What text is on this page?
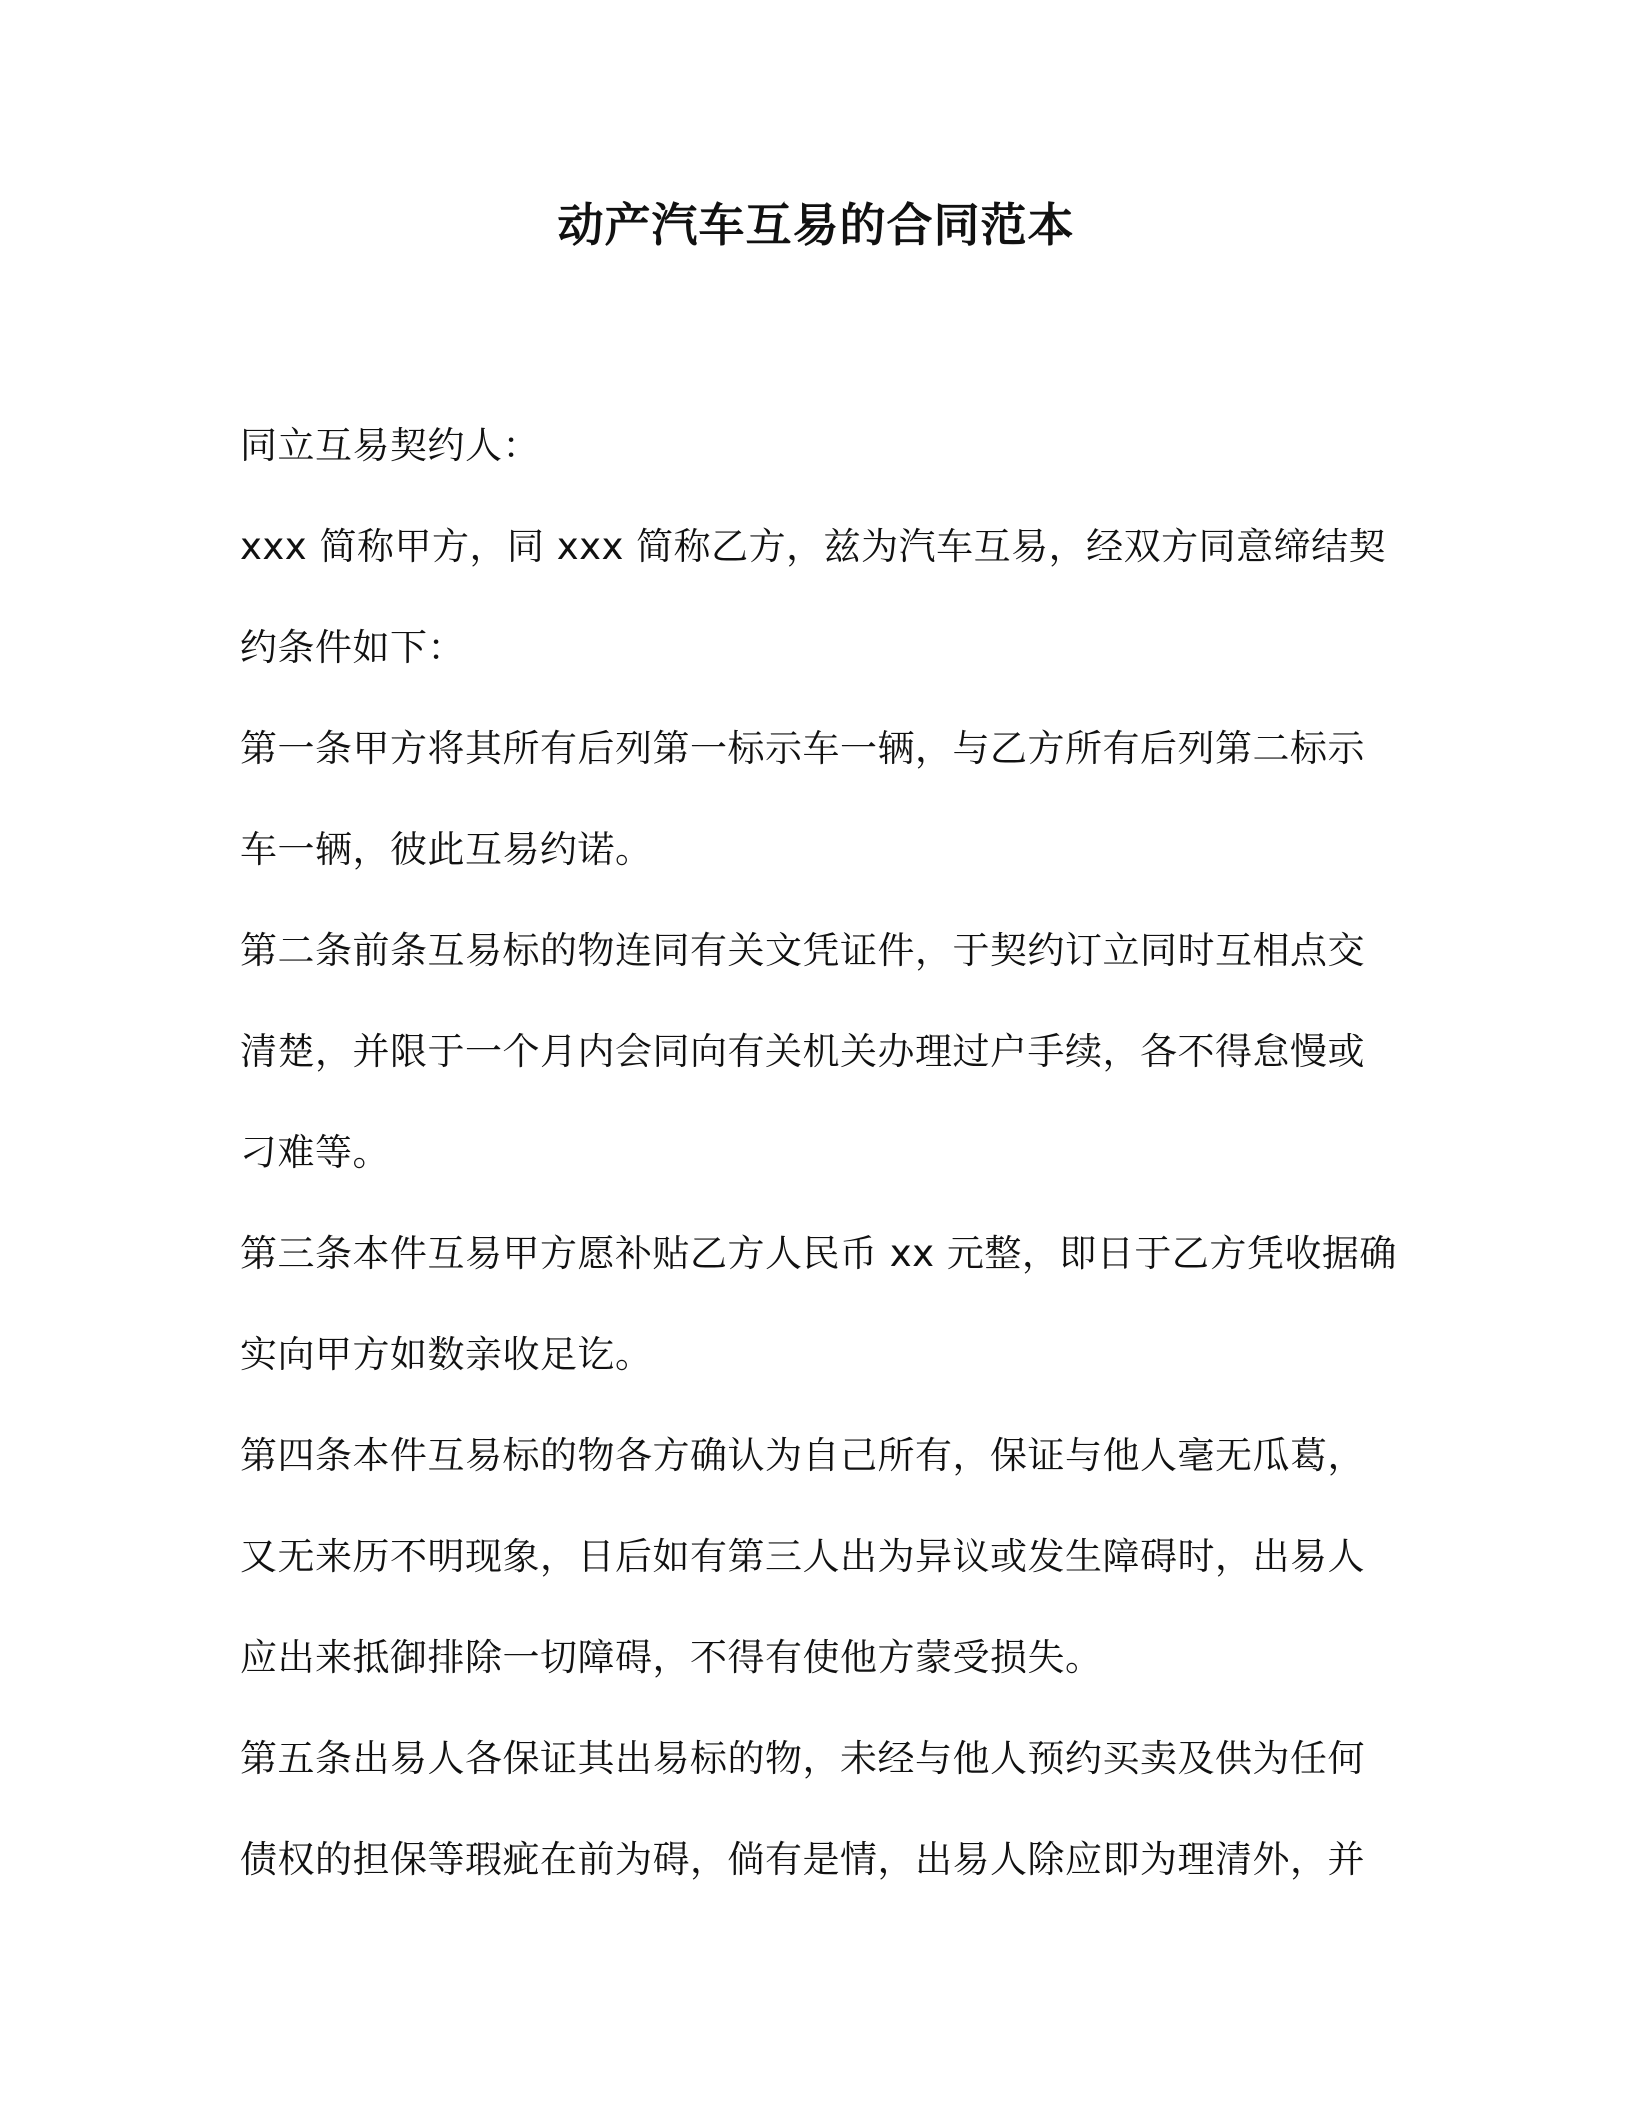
动产汽车互易的合同范本
同立互易契约人：
xxx 简称甲方，同 xxx 简称乙方，兹为汽车互易，经双方同意缔结契
约条件如下：
第一条甲方将其所有后列第一标示车一辆，与乙方所有后列第二标示
车一辆，彼此互易约诺。
第二条前条互易标的物连同有关文凭证件，于契约订立同时互相点交
清楚，并限于一个月内会同向有关机关办理过户手续，各不得怠慢或
刁难等。
第三条本件互易甲方愿补贴乙方人民币 xx 元整，即日于乙方凭收据确
实向甲方如数亲收足讫。
第四条本件互易标的物各方确认为自己所有，保证与他人毫无瓜葛，
又无来历不明现象，日后如有第三人出为异议或发生障碍时，出易人
应出来抵御排除一切障碍，不得有使他方蒙受损失。
第五条出易人各保证其出易标的物，未经与他人预约买卖及供为任何
债权的担保等瑕疵在前为碍，倘有是情，出易人除应即为理清外，并
